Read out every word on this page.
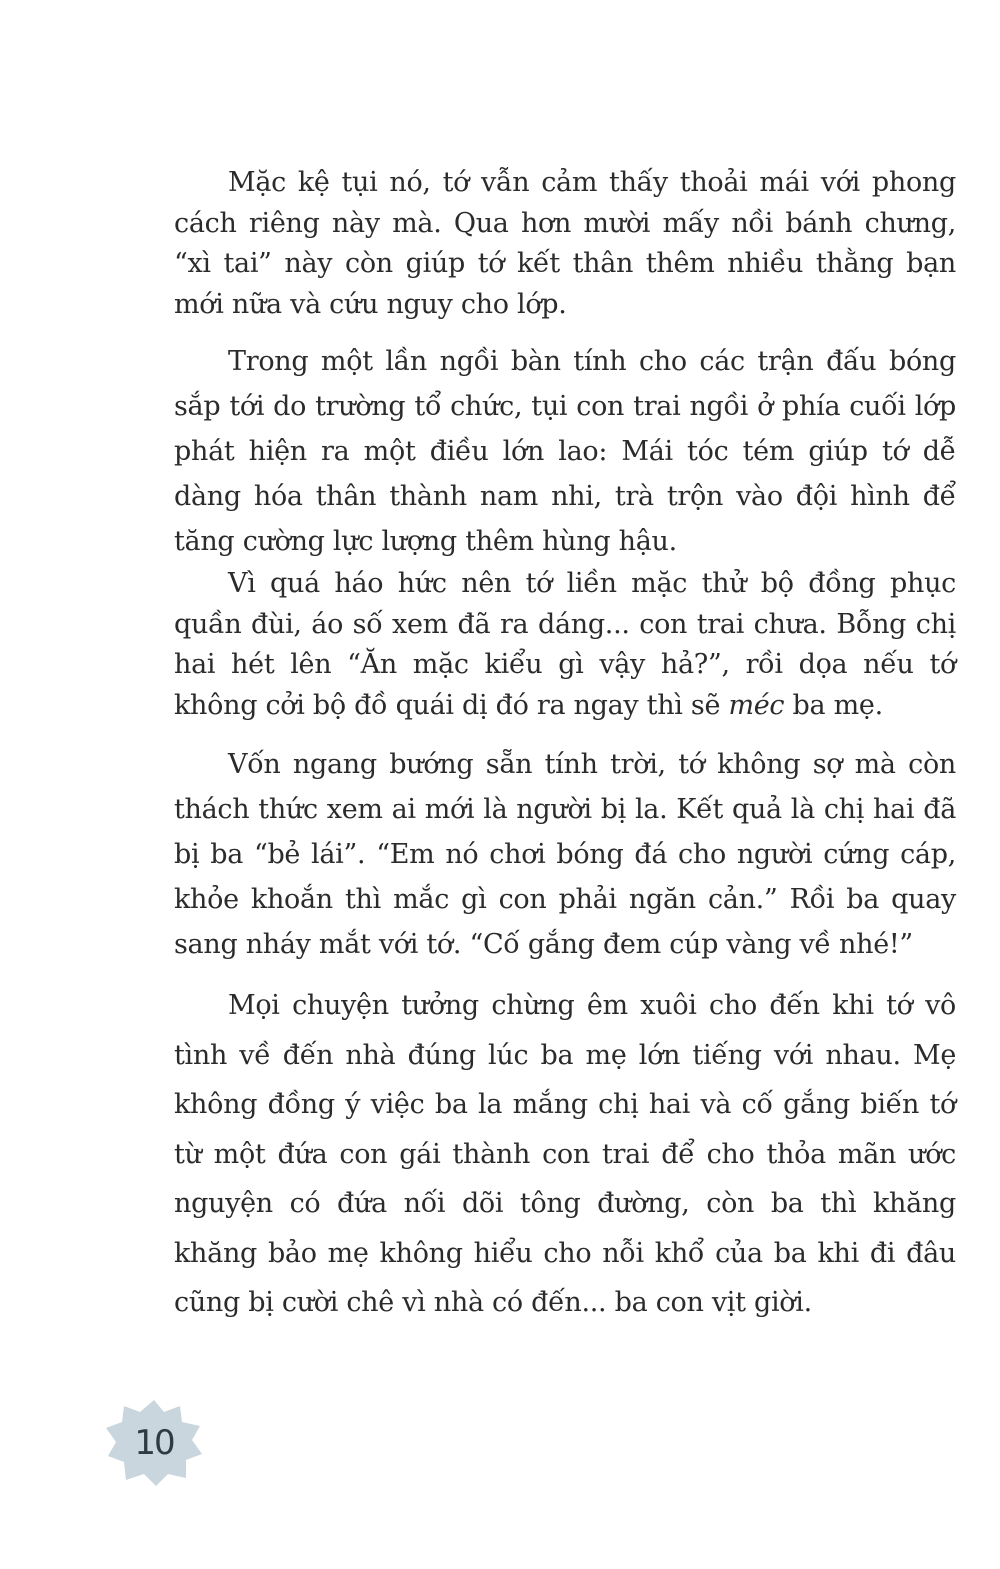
Mặc kệ tụi nó, tớ vẫn cảm thấy thoải mái với phong cách riêng này mà. Qua hơn mười mấy nồi bánh chưng, “xì tai” này còn giúp tớ kết thân thêm nhiều thằng bạn mới nữa và cứu nguy cho lớp.

Trong một lần ngồi bàn tính cho các trận đấu bóng sắp tới do trường tổ chức, tụi con trai ngồi ở phía cuối lớp phát hiện ra một điều lớn lao: Mái tóc tém giúp tớ dễ dàng hóa thân thành nam nhi, trà trộn vào đội hình để tăng cường lực lượng thêm hùng hậu.

Vì quá háo hức nên tớ liền mặc thử bộ đồng phục quần đùi, áo số xem đã ra dáng... con trai chưa. Bỗng chị hai hét lên “Ăn mặc kiểu gì vậy hả?”, rồi dọa nếu tớ không cởi bộ đồ quái dị đó ra ngay thì sẽ méc ba mẹ.

Vốn ngang bướng sẵn tính trời, tớ không sợ mà còn thách thức xem ai mới là người bị la. Kết quả là chị hai đã bị ba “bẻ lái”. “Em nó chơi bóng đá cho người cứng cáp, khỏe khoắn thì mắc gì con phải ngăn cản.” Rồi ba quay sang nháy mắt với tớ. “Cố gắng đem cúp vàng về nhé!”

Mọi chuyện tưởng chừng êm xuôi cho đến khi tớ vô tình về đến nhà đúng lúc ba mẹ lớn tiếng với nhau. Mẹ không đồng ý việc ba la mắng chị hai và cố gắng biến tớ từ một đứa con gái thành con trai để cho thỏa mãn ước nguyện có đứa nối dõi tông đường, còn ba thì khăng khăng bảo mẹ không hiểu cho nỗi khổ của ba khi đi đâu cũng bị cười chê vì nhà có đến... ba con vịt giời.

10
